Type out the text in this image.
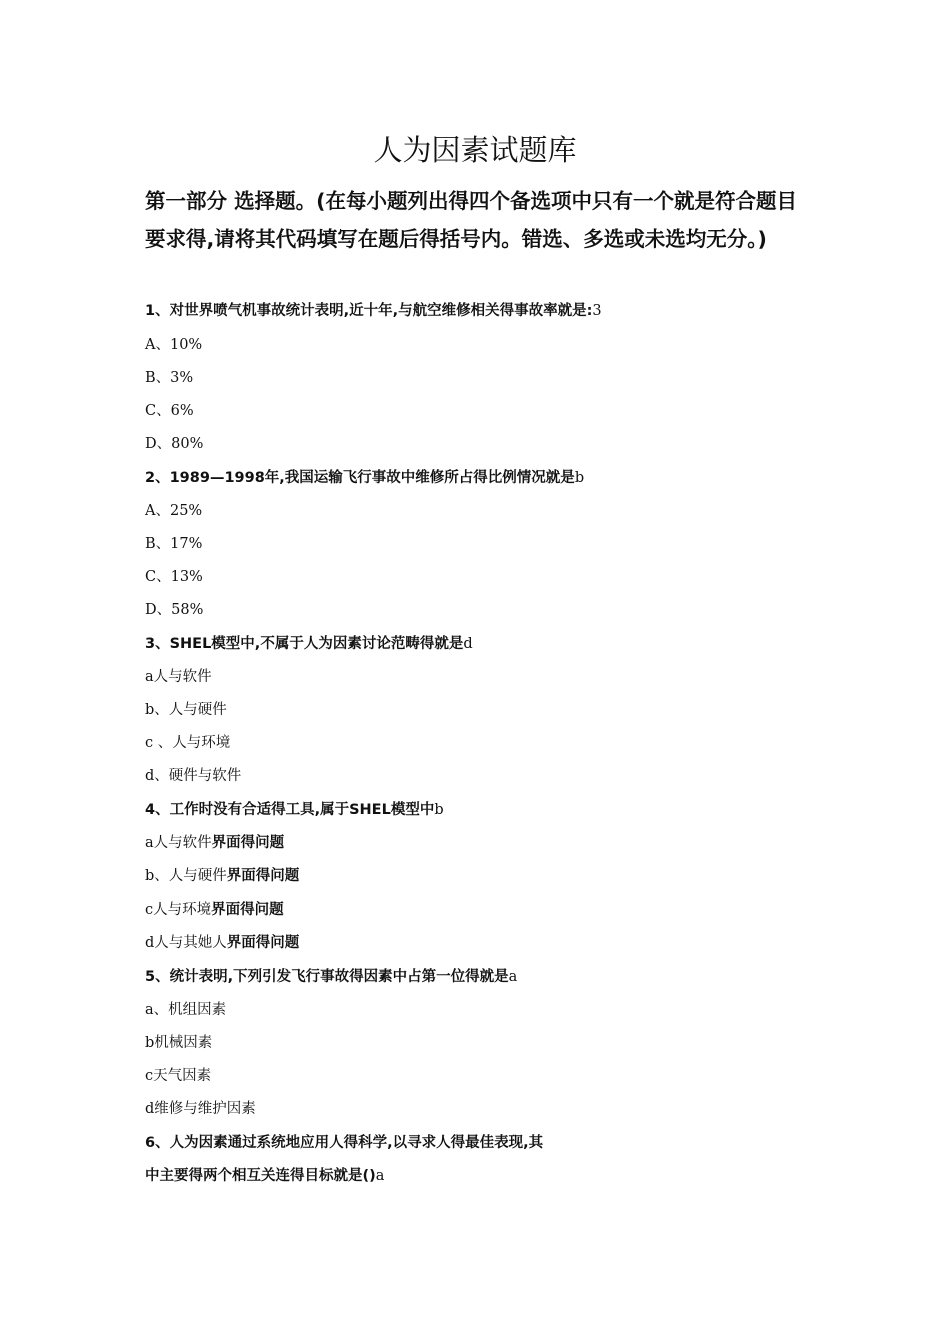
人为因素试题库

第一部分 选择题。(在每小题列出得四个备选项中只有一个就是符合题目要求得,请将其代码填写在题后得括号内。错选、多选或未选均无分。)

1、对世界喷气机事故统计表明,近十年,与航空维修相关得事故率就是:3

A、10%

B、3%

C、6%

D、80%

2、1989—1998年,我国运输飞行事故中维修所占得比例情况就是b

A、25%

B、17%

C、13%

D、58%

3、SHEL模型中,不属于人为因素讨论范畴得就是d

a人与软件

b、人与硬件

c 、人与环境

d、硬件与软件

4、工作时没有合适得工具,属于SHEL模型中b

a人与软件界面得问题

b、人与硬件界面得问题

c人与环境界面得问题

d人与其她人界面得问题

5、统计表明,下列引发飞行事故得因素中占第一位得就是a

a、机组因素

b机械因素

c天气因素

d维修与维护因素

6、人为因素通过系统地应用人得科学,以寻求人得最佳表现,其

中主要得两个相互关连得目标就是()a
